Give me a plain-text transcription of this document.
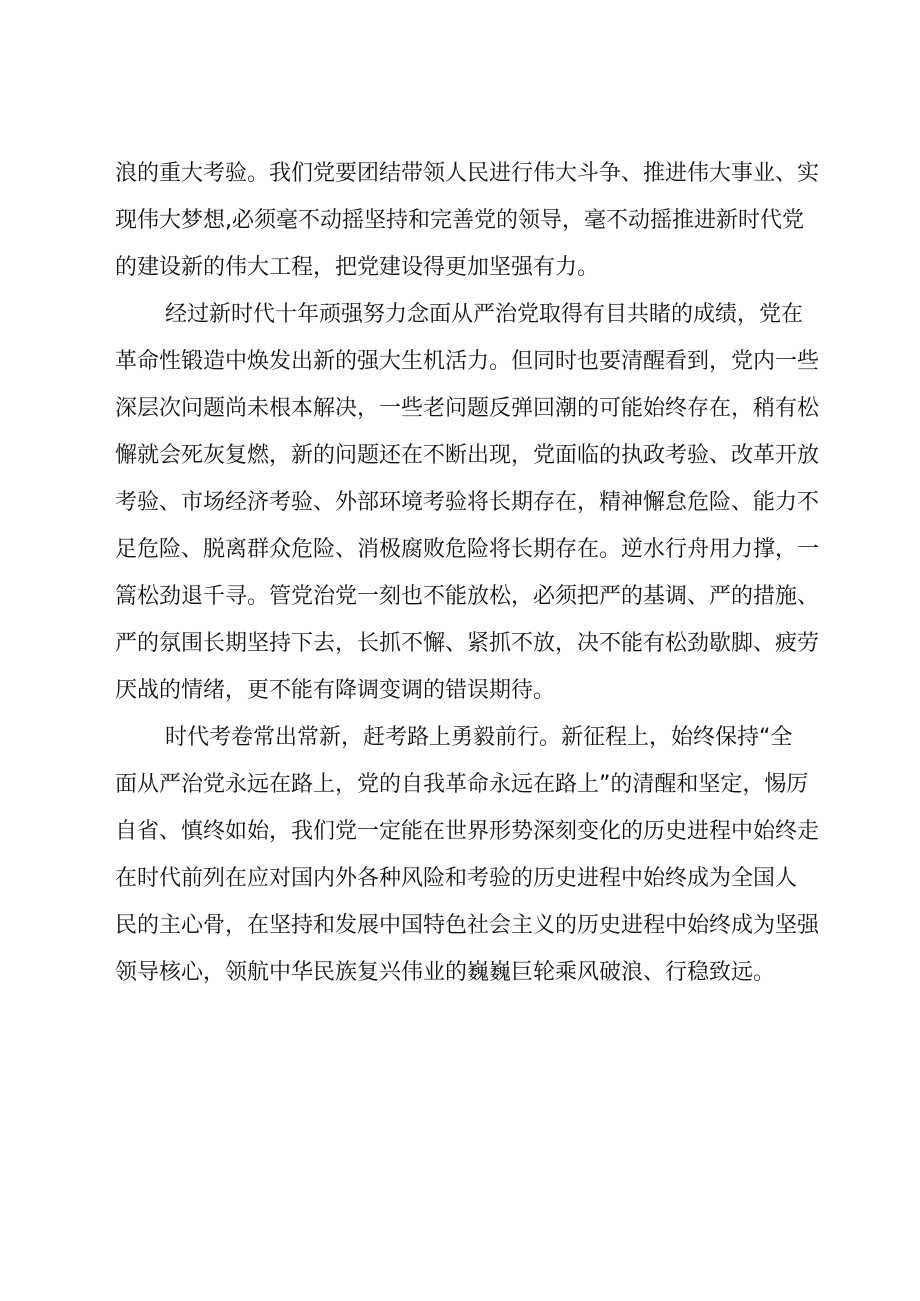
浪的重大考验。我们党要团结带领人民进行伟大斗争、推进伟大事业、实
现伟大梦想,必须毫不动摇坚持和完善党的领导，毫不动摇推进新时代党
的建设新的伟大工程，把党建设得更加坚强有力。
经过新时代十年顽强努力念面从严治党取得有目共睹的成绩，党在
革命性锻造中焕发出新的强大生机活力。但同时也要清醒看到，党内一些
深层次问题尚未根本解决，一些老问题反弹回潮的可能始终存在，稍有松
懈就会死灰复燃，新的问题还在不断出现，党面临的执政考验、改革开放
考验、市场经济考验、外部环境考验将长期存在，精神懈怠危险、能力不
足危险、脱离群众危险、消极腐败危险将长期存在。逆水行舟用力撑，一
篙松劲退千寻。管党治党一刻也不能放松，必须把严的基调、严的措施、
严的氛围长期坚持下去，长抓不懈、紧抓不放，决不能有松劲歇脚、疲劳
厌战的情绪，更不能有降调变调的错误期待。
时代考卷常出常新，赶考路上勇毅前行。新征程上，始终保持“全
面从严治党永远在路上，党的自我革命永远在路上”的清醒和坚定，惕厉
自省、慎终如始，我们党一定能在世界形势深刻变化的历史进程中始终走
在时代前列在应对国内外各种风险和考验的历史进程中始终成为全国人
民的主心骨，在坚持和发展中国特色社会主义的历史进程中始终成为坚强
领导核心，领航中华民族复兴伟业的巍巍巨轮乘风破浪、行稳致远。
